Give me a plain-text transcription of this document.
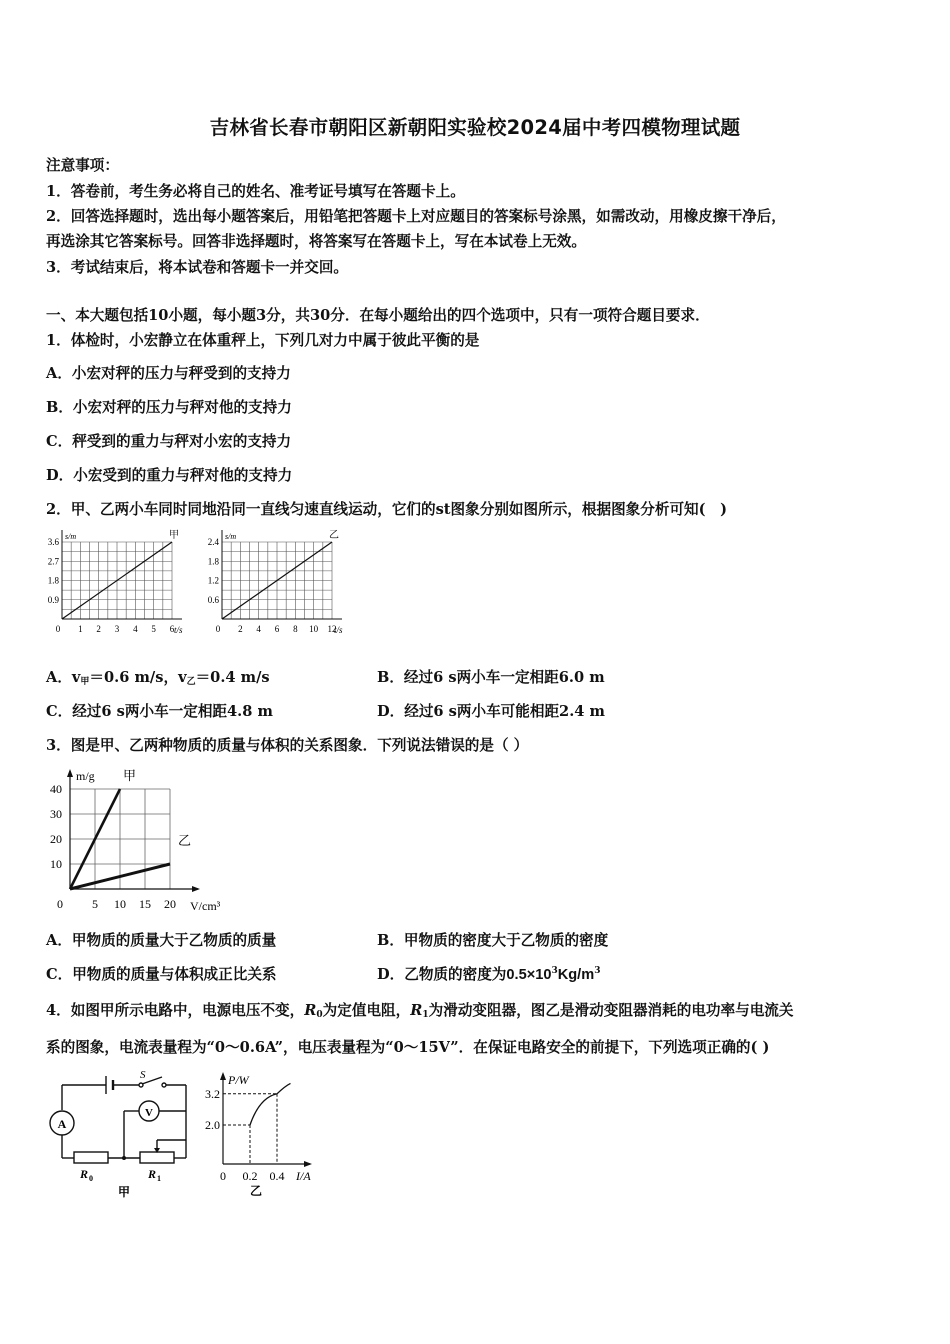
吉林省长春市朝阳区新朝阳实验校2024届中考四模物理试题
注意事项：
1．答卷前，考生务必将自己的姓名、准考证号填写在答题卡上。
2．回答选择题时，选出每小题答案后，用铅笔把答题卡上对应题目的答案标号涂黑，如需改动，用橡皮擦干净后，
再选涂其它答案标号。回答非选择题时，将答案写在答题卡上，写在本试卷上无效。
3．考试结束后，将本试卷和答题卡一并交回。
一、本大题包括10小题，每小题3分，共30分．在每小题给出的四个选项中，只有一项符合题目要求．
1．体检时，小宏静立在体重秤上，下列几对力中属于彼此平衡的是
A．小宏对秤的压力与秤受到的支持力
B．小宏对秤的压力与秤对他的支持力
C．秤受到的重力与秤对小宏的支持力
D．小宏受到的重力与秤对他的支持力
2．甲、乙两小车同时同地沿同一直线匀速直线运动，它们的st图象分别如图所示，根据图象分析可知(　)
s/m
t/s
3.6
2.7
1.8
0.9
0 1 2 3 4 5 6
甲	s/m
t/s
2.4
1.8
1.2
0.6
0 2 4 6 8 10 12
乙
A．$v_甲=0.6$ m/s，$v_乙=0.4$ m/s	B．经过6 s两小车一定相距6.0 m
C．经过6 s两小车一定相距4.8 m	D．经过6 s两小车可能相距2.4 m
3．图是甲、乙两种物质的质量与体积的关系图象．下列说法错误的是（ ）
m/g
V/cm³
40
30
20
10
0 5 10 15 20
甲
乙
A．甲物质的质量大于乙物质的质量	B．甲物质的密度大于乙物质的密度
C．甲物质的质量与体积成正比关系	D．乙物质的密度为$0.5\times 10^3Kg/m^3$
4．如图甲所示电路中，电源电压不变，$R_0$为定值电阻，$R_1$为滑动变阻器，图乙是滑动变阻器消耗的电功率与电流关
系的图象，电流表量程为“0～0.6A”，电压表量程为“0～15V”．在保证电路安全的前提下，下列选项正确的( )
A
V
S
R 0	R 1
甲
P/W
I/A
3.2
2.0
0 0.2 0.4
乙
